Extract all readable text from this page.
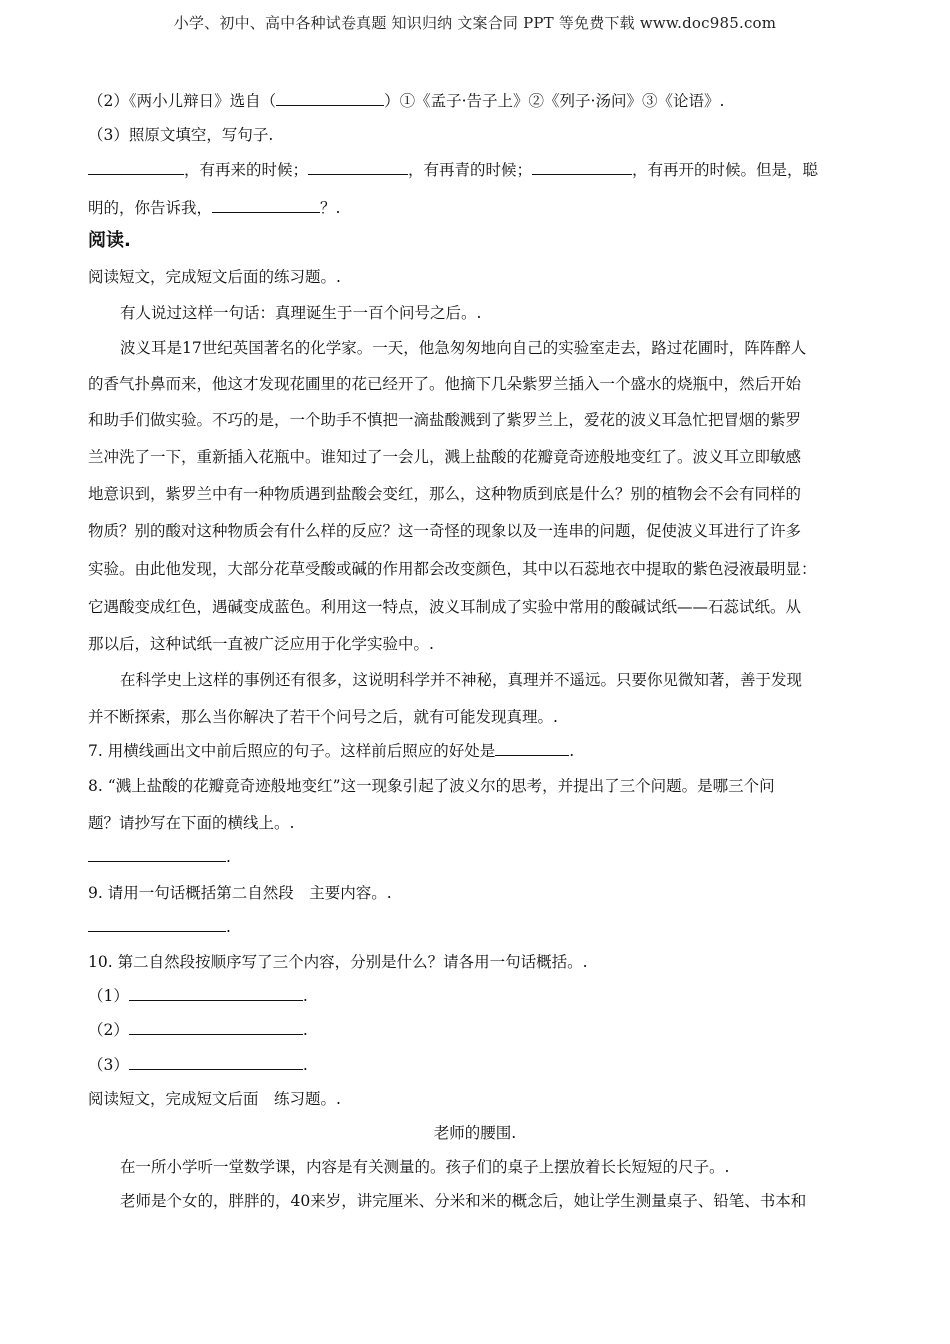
小学、初中、高中各种试卷真题 知识归纳 文案合同 PPT 等免费下载 www.doc985.com
（2）《两小儿辩日》选自（	）①《孟子·告子上》②《列子·汤问》③《论语》.
（3）照原文填空，写句子.
，有再来的时候；	，有再青的时候；	，有再开的时候。但是，聪
明的，你告诉我，	？.
阅读.
阅读短文，完成短文后面的练习题。.
有人说过这样一句话：真理诞生于一百个问号之后。.
波义耳是17世纪英国著名的化学家。一天，他急匆匆地向自己的实验室走去，路过花圃时，阵阵醉人
的香气扑鼻而来，他这才发现花圃里的花已经开了。他摘下几朵紫罗兰插入一个盛水的烧瓶中，然后开始
和助手们做实验。不巧的是，一个助手不慎把一滴盐酸溅到了紫罗兰上，爱花的波义耳急忙把冒烟的紫罗
兰冲洗了一下，重新插入花瓶中。谁知过了一会儿，溅上盐酸的花瓣竟奇迹般地变红了。波义耳立即敏感
地意识到，紫罗兰中有一种物质遇到盐酸会变红，那么，这种物质到底是什么？别的植物会不会有同样的
物质？别的酸对这种物质会有什么样的反应？这一奇怪的现象以及一连串的问题，促使波义耳进行了许多
实验。由此他发现，大部分花草受酸或碱的作用都会改变颜色，其中以石蕊地衣中提取的紫色浸液最明显：
它遇酸变成红色，遇碱变成蓝色。利用这一特点，波义耳制成了实验中常用的酸碱试纸——石蕊试纸。从
那以后，这种试纸一直被广泛应用于化学实验中。.
在科学史上这样的事例还有很多，这说明科学并不神秘，真理并不遥远。只要你见微知著，善于发现
并不断探索，那么当你解决了若干个问号之后，就有可能发现真理。.
7. 用横线画出文中前后照应的句子。这样前后照应的好处是	.
8. “溅上盐酸的花瓣竟奇迹般地变红”这一现象引起了波义尔的思考，并提出了三个问题。是哪三个问
题？请抄写在下面的横线上。.
.
9. 请用一句话概括第二自然段　主要内容。.
.
10. 第二自然段按顺序写了三个内容，分别是什么？请各用一句话概括。.
（1）	.
（2）	.
（3）	.
阅读短文，完成短文后面　练习题。.
老师的腰围.
在一所小学听一堂数学课，内容是有关测量的。孩子们的桌子上摆放着长长短短的尺子。.
老师是个女的，胖胖的，40来岁，讲完厘米、分米和米的概念后，她让学生测量桌子、铅笔、书本和
